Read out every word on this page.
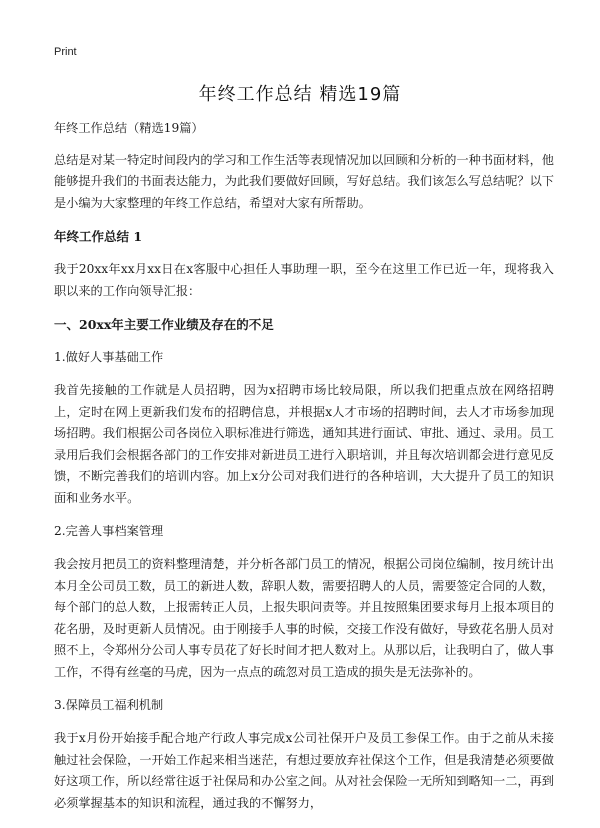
Print
年终工作总结 精选19篇

年终工作总结（精选19篇）

总结是对某一特定时间段内的学习和工作生活等表现情况加以回顾和分析的一种书面材料，他能够提升我们的书面表达能力，为此我们要做好回顾，写好总结。我们该怎么写总结呢？以下是小编为大家整理的年终工作总结，希望对大家有所帮助。

年终工作总结 1

我于20xx年xx月xx日在x客服中心担任人事助理一职，至今在这里工作已近一年，现将我入职以来的工作向领导汇报：

一、20xx年主要工作业绩及存在的不足
1.做好人事基础工作

我首先接触的工作就是人员招聘，因为x招聘市场比较局限，所以我们把重点放在网络招聘上，定时在网上更新我们发布的招聘信息，并根据x人才市场的招聘时间，去人才市场参加现场招聘。我们根据公司各岗位入职标准进行筛选，通知其进行面试、审批、通过、录用。员工录用后我们会根据各部门的工作安排对新进员工进行入职培训，并且每次培训都会进行意见反馈，不断完善我们的培训内容。加上x分公司对我们进行的各种培训，大大提升了员工的知识面和业务水平。

2.完善人事档案管理

我会按月把员工的资料整理清楚，并分析各部门员工的情况，根据公司岗位编制，按月统计出本月全公司员工数，员工的新进人数，辞职人数，需要招聘人的人员，需要签定合同的人数，每个部门的总人数，上报需转正人员，上报失职问责等。并且按照集团要求每月上报本项目的花名册，及时更新人员情况。由于刚接手人事的时候，交接工作没有做好，导致花名册人员对照不上，令郑州分公司人事专员花了好长时间才把人数对上。从那以后，让我明白了，做人事工作，不得有丝毫的马虎，因为一点点的疏忽对员工造成的损失是无法弥补的。

3.保障员工福利机制

我于x月份开始接手配合地产行政人事完成x公司社保开户及员工参保工作。由于之前从未接触过社会保险，一开始工作起来相当迷茫，有想过要放弃社保这个工作，但是我清楚必须要做好这项工作，所以经常往返于社保局和办公室之间。从对社会保险一无所知到略知一二，再到必须掌握基本的知识和流程，通过我的不懈努力，
